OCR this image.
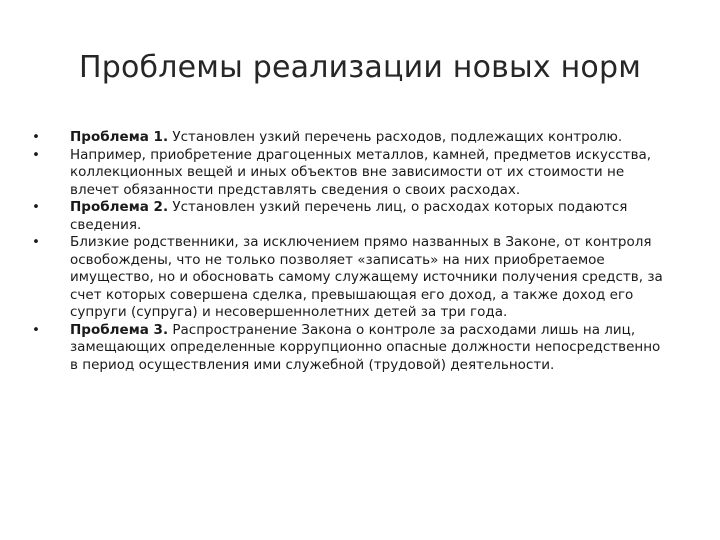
Проблемы реализации новых норм
•	Проблема 1. Установлен узкий перечень расходов, подлежащих контролю.
•	Например, приобретение драгоценных металлов, камней, предметов искусства, коллекционных вещей и иных объектов вне зависимости от их стоимости не влечет обязанности представлять сведения о своих расходах.
•	Проблема 2. Установлен узкий перечень лиц, о расходах которых подаются сведения.
•	Близкие родственники, за исключением прямо названных в Законе, от контроля освобождены, что не только позволяет «записать» на них приобретаемое имущество, но и обосновать самому служащему источники получения средств, за счет которых совершена сделка, превышающая его доход, а также доход его супруги (супруга) и несовершеннолетних детей за три года.
•	Проблема 3. Распространение Закона о контроле за расходами лишь на лиц, замещающих определенные коррупционно опасные должности непосредственно в период осуществления ими служебной (трудовой) деятельности.
